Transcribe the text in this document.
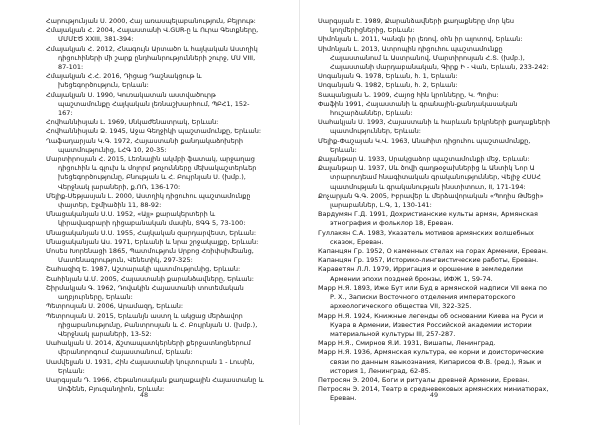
Հարությունյան Ս. 2000, Հայ առասպելաբանություն, Բեյրութ:
Հմայակյան Հ. 2004, Հայաստանի Վ.GUR-ը և Ուրա Գետքները, ՄՄՄԷԾ XXIII, 381-394:
Հմայակյան Հ. 2012, Հնագույն Արտածո և հայկական Աստղիկ դիցուհիների մի շարք ընդհանրությունների շուրջ, ՄՍ VIII, 87-101:
Հմայակյան Հ.Հ. 2016, Դիցաց Դաշնակցութ և խեցեգործություն, Երևան:
Հմայակյան Ս. 1990, Կուռակատան աստվածուրթ պաշտամունքը Հայկական լեռնաշխարհում, ՊԲՀ1, 152-167:
Հովհաննիսյան Լ. 1969, Սնկաժենատրակ, Երևան:
Հովհաննիսյան Ձ. 1945, Աջա Գեղջիկի պաշտամունքը, Երևան:
Ղաֆադարյան Կ.Գ. 1972, Հայաստանի քանդակաձոխերի պատմությունից, ԼՀԳ 10, 20-35:
Մարտիրոսյան Հ. 2015, Լեռնային ակմբի ֆատակ, արջաղաց դիցուհին և գլուխ և մոլորմ թռչունները մեխակաշտերևեր խեցեգործությունը, Բնության և Հ. Բույրնյան Ս. (խմբ.), Վերջնակ լարաների, ք.ՈՌ, 136-170:
Մելիք-Սեթյասյան Լ. 2000, Աստղիկ դիցուհու պաշտամունքը փայտեր, Էջմիածին 11, 88-92:
Մնացականյան Ս.Ս. 1952, «Այլ» քարակերտերի և կիրավագրարի դիցաբանական մասին, ՏԳԳ 5, 73-100:
Մնացականյան Ս.Ս. 1955, Հայկական զարդարվեստ, Երևան:
Մնացականյան Աս. 1971, Երևանի և նրա շրջակայքը, Երևան:
Մոսես Խորենացի 1865, Պատմություն Սրբոց Հռիփսիմեանց, Մատենագրություն, Վենետիկ, 297-325:
Շահազիզ Ե. 1987, Աշտարակի պատմությունից, Երևան:
Շահինյան Ա.Մ. 2005, Հայաստանի քարանձավները, Երևան:
Շիրմակյան Գ. 1962, Դովակին Հայաստանի տոտեմական աղբյուրները, Երևան:
Պետրոսյան Ս. 2006, Արամազդ, Երևան:
Պետրոսյան Ս. 2015, Երևանյն աստղ և ակցաց մերձավոր դիցաբանությունը, Բանտրոսյան և Հ. Բույրնյան Ս. (խմբ.), Վերջնակ լարաների, 13-52:
Սահակյան Ս. 2014, Ճշտապատկերների քերջատնոցներում վերանորոգում Հայաստանում, Երևան:
Սամվելյան Ս. 1931, Հին Հայաստանի կուլտուրան 1 - Լուսին, Երևան:
Սարգսյան Դ. 1966, Հեթանոսական քաղաքային Հայաստանը և Սոֆենե, Բյուզանդիոն, Երևան:
48
Սարգսյան Է. 1989, Քարանձավների քաղաքները մոր կես կողմերիցներից, Երևան:
Սիմոնյան Լ. 2011, Կանգն իր լեռով, ohն իր ալոտով, Երևան:
Սիմոնյան Լ. 2013, Ատրոպին դիցուհու պաշտամունքը Հայաստանում և Աստրանով, Մարտիրոսյան Հ.Տ. (խմբ.), Հայաստանի մարդաբանական, Գիրք Ի - Վան, Երևան, 233-242:
Սոգանյան Գ. 1978, Երևան, հ. 1, Երևան:
Սոգանյան Գ. 1982, Երևան, հ. 2, Երևան:
Տապանցյան Ն. 1909, Հայոց հին կրոնները, Կ. Պոլիս:
Փաֆին 1991, Հայաստանի և գրանային-քանդակասական հուշարձաններ, Երևան:
Սահակյան Ս. 1993, Հայաստանի և հարևան երկրների քաղաքների պատմություններ, Երևան:
Մելիք-Փաշայան Կ.Վ. 1963, Անահիտ դիցուհու պաշտամունքը, Երևան:
Քալանթար Ա. 1933, Սրակցաձոր պաշտամունքի մեջ, Երևան:
Քալանթար Ա. 1937, Սև ծովի գաղթօջախներից և Անտիկ Նոր Ա տրարուդեամ հնագիտական գրականություններ, Վելիջ ՀՍՍՀ պատմության և գրականության ինստիտուտ, II, 171-194:
Քոչարյան Գ.Գ. 2005, Իբրավեր և մերձավորական «Պողիս Թմեցի» լարաբաններ, Լ.Գ, 1, 130-141:
Вардумян Г.Д. 1991, Дохристианские культы армян, Армянская этнография и фольклор 18, Ереван.
Гуллакян С.А. 1983, Указатель мотивов армянских волшебных сказок, Ереван.
Капанцян Гр. 1952, О каменных стелах на горах Армении, Ереван.
Капанцян Гр. 1957, Историко-лингвистические работы, Ереван.
Караветян Л.Л. 1979, Ирригация и орошение в земледелии Армении эпохи поздней бронзы, ИФЖ 1, 59-74.
Марр Н.Я. 1893, Иже Бут или Буд в армянской надписи VII века по Р. Х., Записки Восточного отделения императорского археологического общества VII, 322-325.
Марр Н.Я. 1924, Книжные легенды об основании Киева на Руси и Куара в Армении, Известия Российской академии истории материальной культуры III, 257-287.
Марр Н.Я., Смирнов Я.И. 1931, Вишапы, Ленинград.
Марр Н.Я. 1936, Армянская культура, ее корни и доисторические связи по данным языкознания, Кипарисов Ф.В. (ред.), Язык и история 1, Ленинград, 62-85.
Петросян Э. 2004, Боги и ритуалы древней Армении, Ереван.
Петросян Э. 2014, Театр в средневековых армянских миниатюрах, Ереван.	49
